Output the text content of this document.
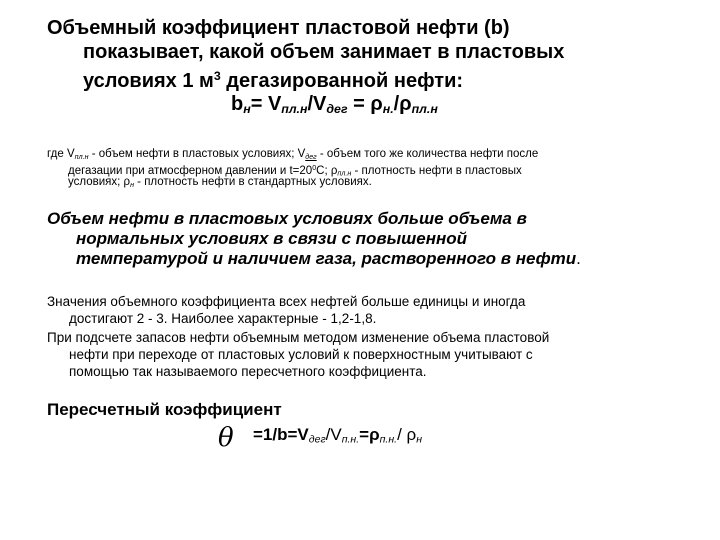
Объемный коэффициент пластовой нефти (b)
показывает, какой объем занимает в пластовых
условиях 1 $м^3$ дегазированной нефти:
$b_н= V_{пл.н}/V_{дег} = \rho_{н.}/\rho_{пл.н}$
где $V_{пл.н}$ - объем нефти в пластовых условиях; $V_{дег}$ - объем того же количества нефти после
дегазации при атмосферном давлении и $t=20^0С$; $\rho_{пл.н}$ - плотность нефти в пластовых
условиях; $\rho_н$ - плотность нефти в стандартных условиях.
Объем нефти в пластовых условиях больше объема в
нормальных условиях в связи с повышенной
температурой и наличием газа, растворенного в нефти.
Значения объемного коэффициента всех нефтей больше единицы и иногда
достигают 2 - 3. Наиболее характерные - 1,2-1,8.
При подсчете запасов нефти объемным методом изменение объема пластовой
нефти при переходе от пластовых условий к поверхностным учитывают с
помощью так называемого пересчетного коэффициента.
Пересчетный коэффициент
$\theta =1/b=V_{дег}/V_{п.н.}=\rho_{п.н.}/$ $\rho_н$
